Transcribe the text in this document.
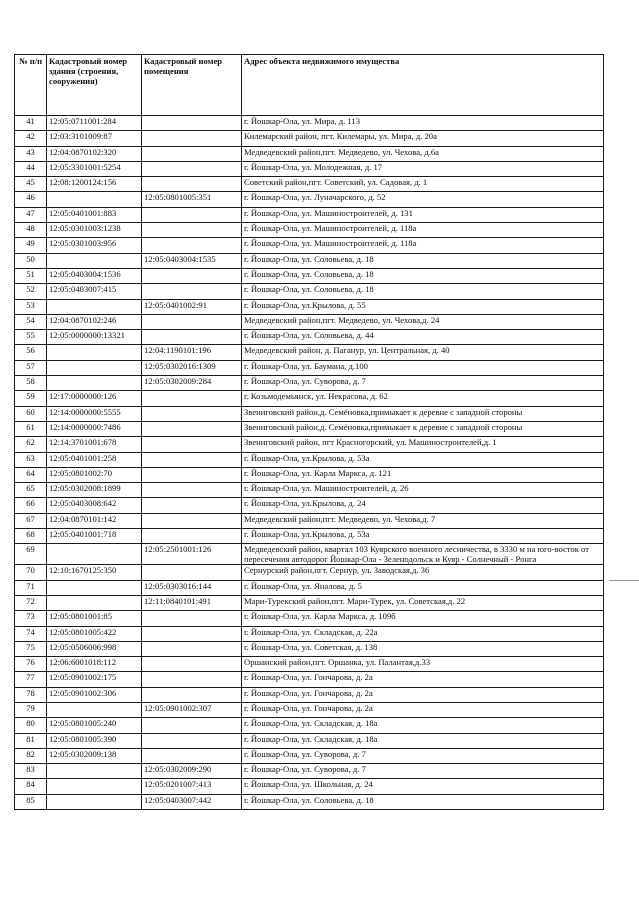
№ п/п	Кадастровый номер здания (строения, сооружения)	Кадастровый номер помещения	Адрес объекта недвижимого имущества
41	12:05:0711001:284		г. Йошкар-Ола, ул. Мира, д. 113
42	12:03:3101009:87		Килемарский район, пгт. Килемары, ул. Мира, д. 20а
43	12:04:0870102:320		Медведевский район,пгт. Медведево, ул. Чехова, д.6а
44	12:05:3301001:5254		г. Йошкар-Ола, ул. Молодежная, д. 17
45	12:08:1200124:156		Советский район,пгт. Советский, ул. Садовая, д. 1
46		12:05:0801005:351	г. Йошкар-Ола, ул. Луначарского, д. 52
47	12:05:0401001:883		г. Йошкар-Ола, ул. Машиностроителей, д. 131
48	12:05:0301003:1238		г. Йошкар-Ола, ул. Машиностроителей, д. 118а
49	12:05:0301003:956		г. Йошкар-Ола, ул. Машиностроителей, д. 118а
50		12:05:0403004:1535	г. Йошкар-Ола, ул. Соловьева, д. 18
51	12:05:0403004:1536		г. Йошкар-Ола, ул. Соловьева, д. 18
52	12:05:0403007:415		г. Йошкар-Ола, ул. Соловьева, д. 18
53		12:05:0401002:91	г. Йошкар-Ола, ул.Крылова, д. 55
54	12:04:0870102:246		Медведевский район,пгт. Медведево, ул. Чехова,д. 24
55	12:05:0000000:13321		г. Йошкар-Ола, ул. Соловьева, д. 44
56		12:04:1190101:196	Медведевский район, д. Паганур, ул. Центральная, д. 40
57		12:05:0302016:1309	г. Йошкар-Ола, ул. Баумана, д.100
58		12:05:0302009:284	г. Йошкар-Ола, ул. Суворова, д. 7
59	12:17:0000000:126		г. Козьмодемьянск, ул. Некрасова, д. 62
60	12:14:0000000:5555		Звениговский район,д. Семёновка,примыкает к деревне с западной стороны
61	12:14:0000000:7486		Звениговский район,д. Семёновка,примыкает к деревне с западной стороны
62	12:14:3701001:678		Звениговский район, пгт Красногорский, ул. Машиностроителей,д. 1
63	12:05:0401001:258		г. Йошкар-Ола, ул.Крылова, д. 53а
64	12:05:0801002:70		г. Йошкар-Ола, ул. Карла Маркса, д. 121
65	12:05:0302008:1899		г. Йошкар-Ола, ул. Машиностроителей, д. 26
66	12:05:0403008:642		г. Йошкар-Ола, ул.Крылова, д. 24
67	12:04:0870101:142		Медведевский район,пгт. Медведево, ул. Чехова,д. 7
68	12:05:0401001:718		г. Йошкар-Ола, ул.Крылова, д. 53а
69		12:05:2501001:126	Медведевский район, квартал 103 Куярского военного лесничества, в 3330 м на юго-восток от пересечения автодорог Йошкар-Ола - Зеленодольск и Куяр - Солнечный - Ронга
70	12:10:1670125:350		Сернурский район,пгт. Сернур, ул. Заводская,д. 36
71		12:05:0303016:144	г. Йошкар-Ола, ул. Яналова, д. 5
72		12:11:0840101:491	Мари-Турекский район,пгт. Мари-Турек, ул. Советская,д. 22
73	12:05:0801001:85		г. Йошкар-Ола, ул. Карла Маркса, д. 109б
74	12:05:0801005:422		г. Йошкар-Ола, ул. Складская, д. 22а
75	12:05:0506006:998		г. Йошкар-Ола, ул. Советская, д. 138
76	12:06:6001018:112		Оршанский район,пгт. Оршанка, ул. Палантая,д.33
77	12:05:0901002:175		г. Йошкар-Ола, ул. Гончарова, д. 2а
78	12:05:0901002:306		г. Йошкар-Ола, ул. Гончарова, д. 2а
79		12:05:0901002:307	г. Йошкар-Ола, ул. Гончарова, д. 2а
80	12:05:0801005:240		г. Йошкар-Ола, ул. Складская, д. 18а
81	12:05:0801005:390		г. Йошкар-Ола, ул. Складская, д. 18а
82	12:05:0302009:138		г. Йошкар-Ола, ул. Суворова, д. 7
83		12:05:0302009:290	г. Йошкар-Ола, ул. Суворова, д. 7
84		12:05:0201007:413	г. Йошкар-Ола, ул. Школьная, д. 24
85		12:05:0403007:442	г. Йошкар-Ола, ул. Соловьева, д. 18
